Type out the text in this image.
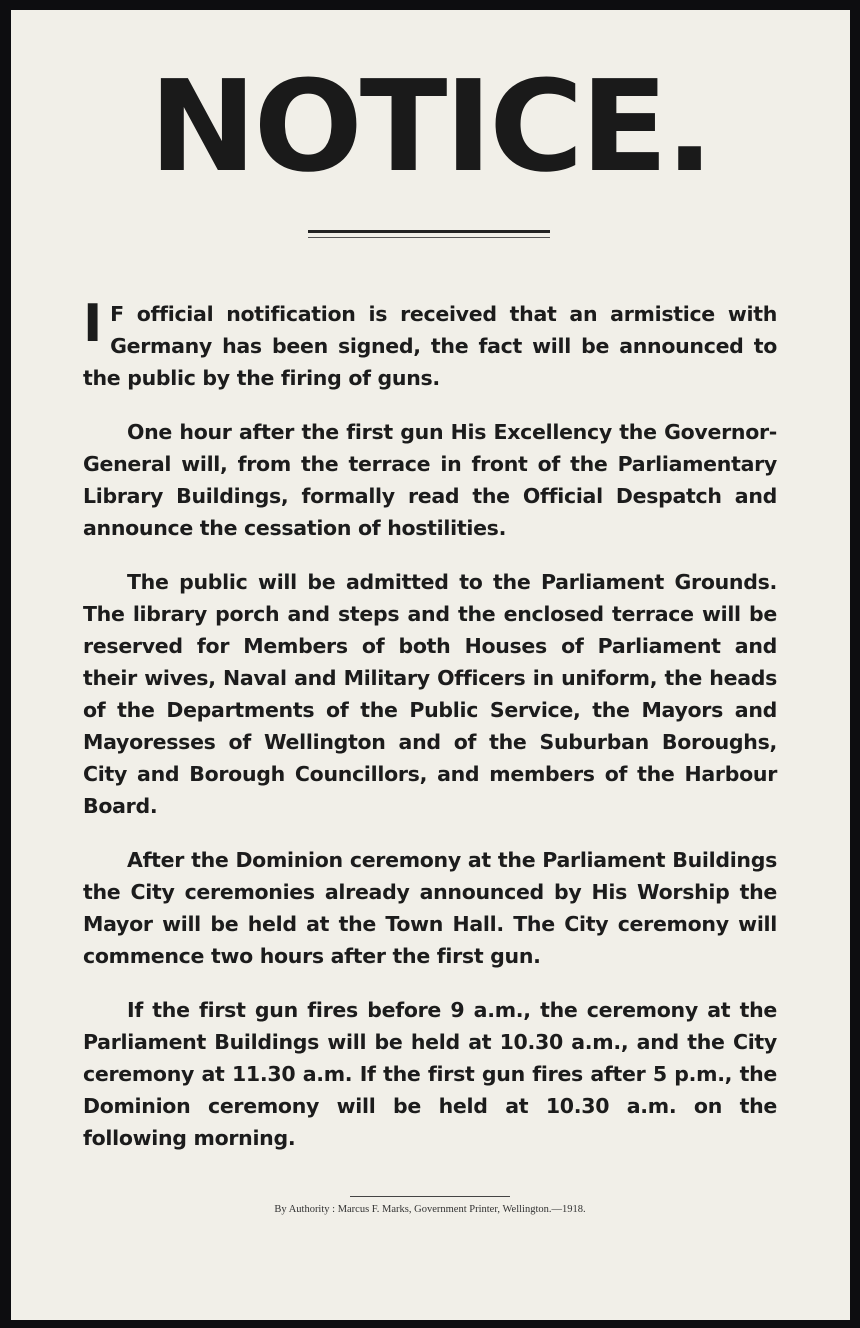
NOTICE.

I F official notification is received that an armistice with Germany has been signed, the fact will be announced to the public by the firing of guns.

One hour after the first gun His Excellency the Governor-General will, from the terrace in front of the Parliamentary Library Buildings, formally read the Official Despatch and announce the cessation of hostilities.

The public will be admitted to the Parliament Grounds. The library porch and steps and the enclosed terrace will be reserved for Members of both Houses of Parliament and their wives, Naval and Military Officers in uniform, the heads of the Departments of the Public Service, the Mayors and Mayoresses of Wellington and of the Suburban Boroughs, City and Borough Councillors, and members of the Harbour Board.

After the Dominion ceremony at the Parliament Buildings the City ceremonies already announced by His Worship the Mayor will be held at the Town Hall. The City ceremony will commence two hours after the first gun.

If the first gun fires before 9 a.m., the ceremony at the Parliament Buildings will be held at 10.30 a.m., and the City ceremony at 11.30 a.m. If the first gun fires after 5 p.m., the Dominion ceremony will be held at 10.30 a.m. on the following morning.

By Authority : Marcus F. Marks, Government Printer, Wellington.—1918.
